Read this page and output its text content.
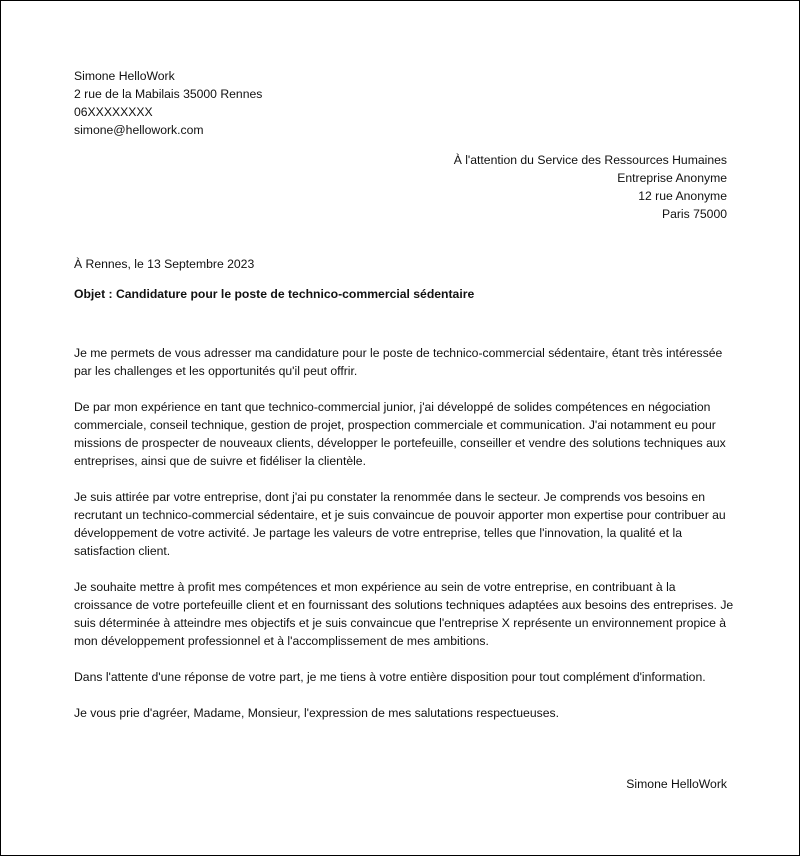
Simone HelloWork
2 rue de la Mabilais 35000 Rennes
06XXXXXXXX
simone@hellowork.com
À l'attention du Service des Ressources Humaines
Entreprise Anonyme
12 rue Anonyme
Paris 75000
À Rennes, le 13 Septembre 2023
Objet : Candidature pour le poste de technico-commercial sédentaire

Je me permets de vous adresser ma candidature pour le poste de technico-commercial sédentaire, étant très intéressée par les challenges et les opportunités qu'il peut offrir.

De par mon expérience en tant que technico-commercial junior, j'ai développé de solides compétences en négociation commerciale, conseil technique, gestion de projet, prospection commerciale et communication. J'ai notamment eu pour missions de prospecter de nouveaux clients, développer le portefeuille, conseiller et vendre des solutions techniques aux entreprises, ainsi que de suivre et fidéliser la clientèle.

Je suis attirée par votre entreprise, dont j'ai pu constater la renommée dans le secteur. Je comprends vos besoins en recrutant un technico-commercial sédentaire, et je suis convaincue de pouvoir apporter mon expertise pour contribuer au développement de votre activité. Je partage les valeurs de votre entreprise, telles que l'innovation, la qualité et la satisfaction client.

Je souhaite mettre à profit mes compétences et mon expérience au sein de votre entreprise, en contribuant à la croissance de votre portefeuille client et en fournissant des solutions techniques adaptées aux besoins des entreprises. Je suis déterminée à atteindre mes objectifs et je suis convaincue que l'entreprise X représente un environnement propice à mon développement professionnel et à l'accomplissement de mes ambitions.

Dans l'attente d'une réponse de votre part, je me tiens à votre entière disposition pour tout complément d'information.

Je vous prie d'agréer, Madame, Monsieur, l'expression de mes salutations respectueuses.

Simone HelloWork
